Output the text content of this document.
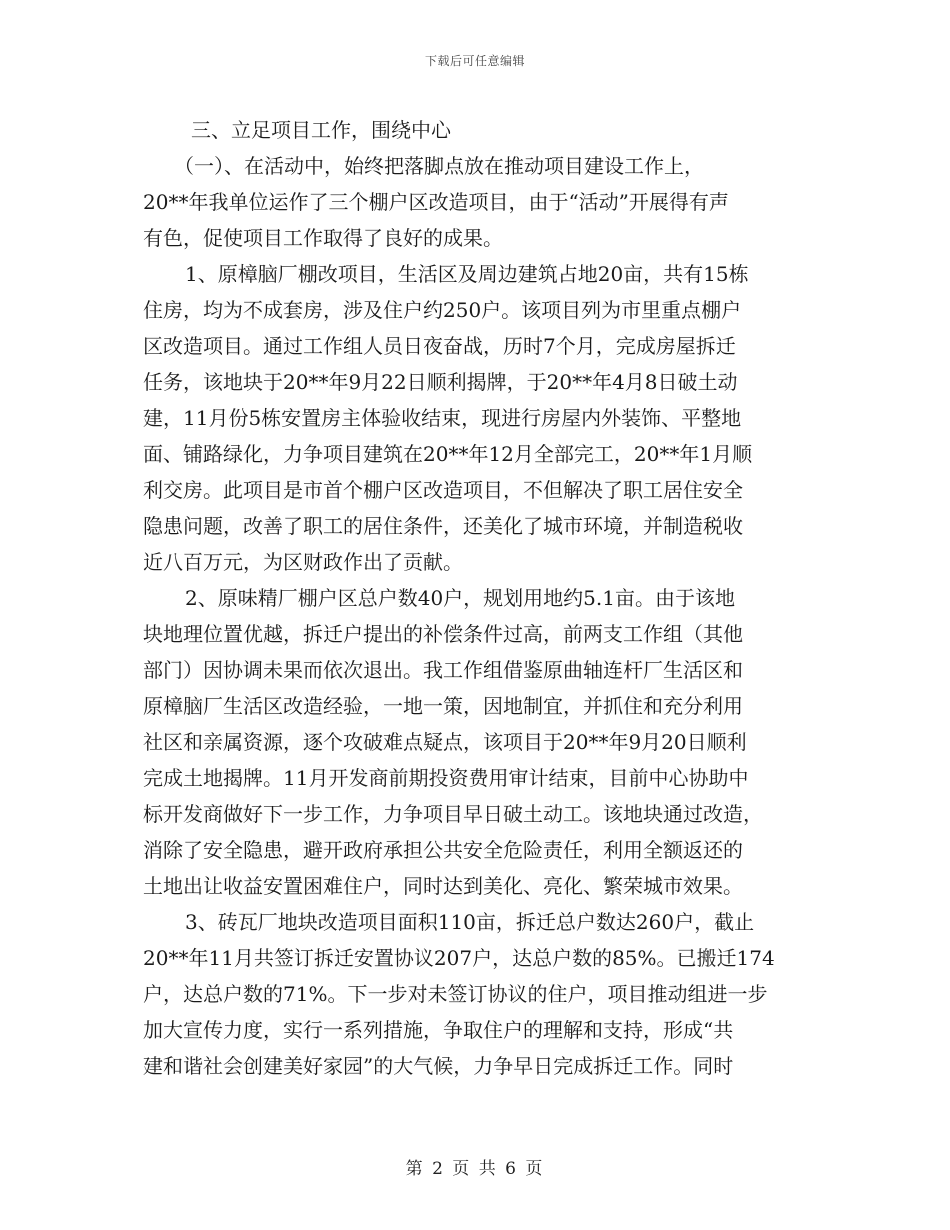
下载后可任意编辑
三、立足项目工作，围绕中心
（一）、在活动中，始终把落脚点放在推动项目建设工作上，
20**年我单位运作了三个棚户区改造项目，由于“活动”开展得有声
有色，促使项目工作取得了良好的成果。
1、原樟脑厂棚改项目，生活区及周边建筑占地20亩，共有15栋
住房，均为不成套房，涉及住户约250户。该项目列为市里重点棚户
区改造项目。通过工作组人员日夜奋战，历时7个月，完成房屋拆迁
任务，该地块于20**年9月22日顺利揭牌，于20**年4月8日破土动
建，11月份5栋安置房主体验收结束，现进行房屋内外装饰、平整地
面、铺路绿化，力争项目建筑在20**年12月全部完工，20**年1月顺
利交房。此项目是市首个棚户区改造项目，不但解决了职工居住安全
隐患问题，改善了职工的居住条件，还美化了城市环境，并制造税收
近八百万元，为区财政作出了贡献。
2、原味精厂棚户区总户数40户，规划用地约5.1亩。由于该地
块地理位置优越，拆迁户提出的补偿条件过高，前两支工作组（其他
部门）因协调未果而依次退出。我工作组借鉴原曲轴连杆厂生活区和
原樟脑厂生活区改造经验，一地一策，因地制宜，并抓住和充分利用
社区和亲属资源，逐个攻破难点疑点，该项目于20**年9月20日顺利
完成土地揭牌。11月开发商前期投资费用审计结束，目前中心协助中
标开发商做好下一步工作，力争项目早日破土动工。该地块通过改造，
消除了安全隐患，避开政府承担公共安全危险责任，利用全额返还的
土地出让收益安置困难住户，同时达到美化、亮化、繁荣城市效果。
3、砖瓦厂地块改造项目面积110亩，拆迁总户数达260户，截止
20**年11月共签订拆迁安置协议207户，达总户数的85%。已搬迁174
户，达总户数的71%。下一步对未签订协议的住户，项目推动组进一步
加大宣传力度，实行一系列措施，争取住户的理解和支持，形成“共
建和谐社会创建美好家园”的大气候，力争早日完成拆迁工作。同时
第 2 页 共 6 页
